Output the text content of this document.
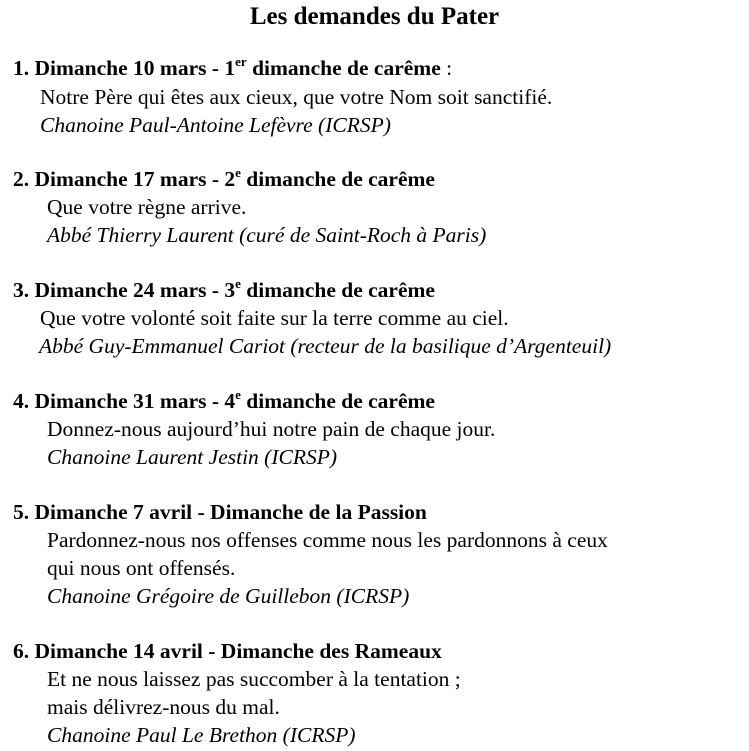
Les demandes du Pater
1. Dimanche 10 mars - 1er dimanche de carême :
Notre Père qui êtes aux cieux, que votre Nom soit sanctifié.
Chanoine Paul-Antoine Lefèvre (ICRSP)
2. Dimanche 17 mars - 2e dimanche de carême
Que votre règne arrive.
Abbé Thierry Laurent (curé de Saint-Roch à Paris)
3. Dimanche 24 mars - 3e dimanche de carême
Que votre volonté soit faite sur la terre comme au ciel.
Abbé Guy-Emmanuel Cariot (recteur de la basilique d’Argenteuil)
4. Dimanche 31 mars - 4e dimanche de carême
Donnez-nous aujourd’hui notre pain de chaque jour.
Chanoine Laurent Jestin (ICRSP)
5. Dimanche 7 avril - Dimanche de la Passion
Pardonnez-nous nos offenses comme nous les pardonnons à ceux
qui nous ont offensés.
Chanoine Grégoire de Guillebon (ICRSP)
6. Dimanche 14 avril - Dimanche des Rameaux
Et ne nous laissez pas succomber à la tentation ;
mais délivrez-nous du mal.
Chanoine Paul Le Brethon (ICRSP)
